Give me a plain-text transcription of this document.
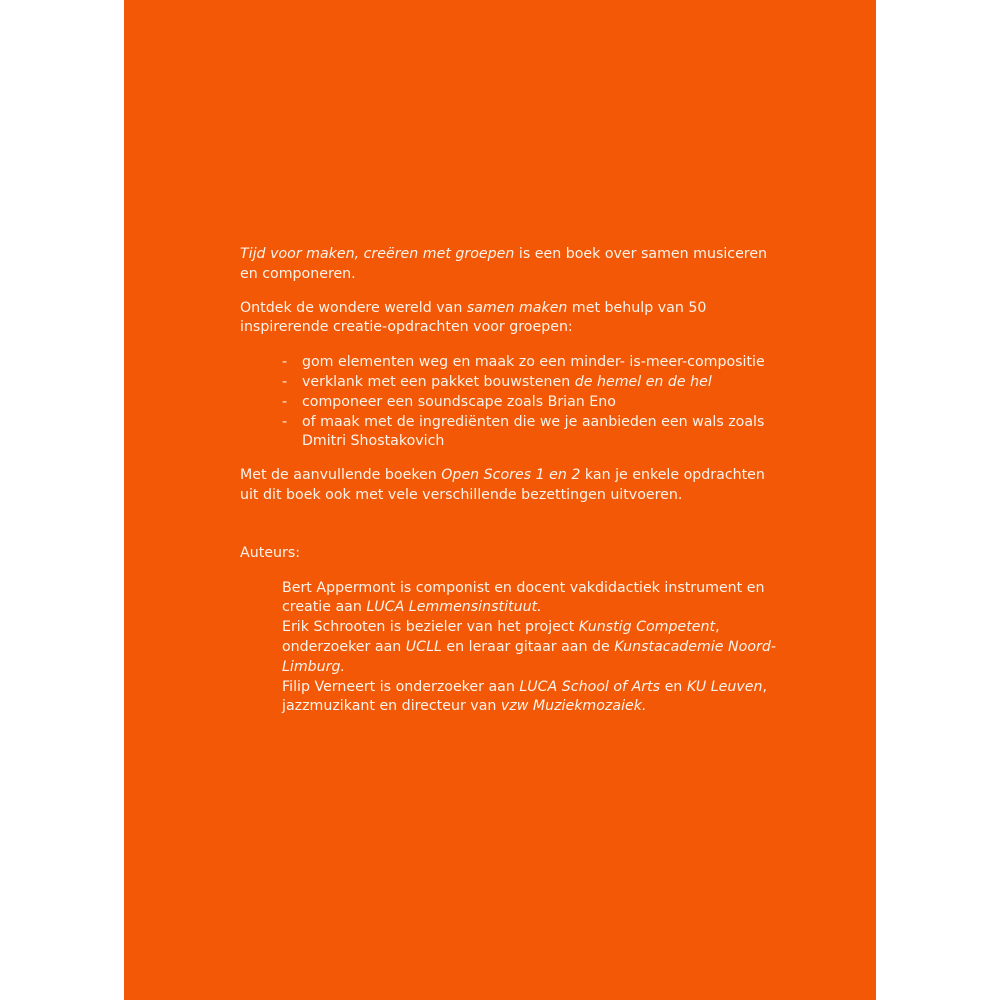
Tijd voor maken, creëren met groepen is een boek over samen musiceren en componeren.

Ontdek de wondere wereld van samen maken met behulp van 50 inspirerende creatie-opdrachten voor groepen:

- gom elementen weg en maak zo een minder- is-meer-compositie
- verklank met een pakket bouwstenen de hemel en de hel
- componeer een soundscape zoals Brian Eno
- of maak met de ingrediënten die we je aanbieden een wals zoals Dmitri Shostakovich

Met de aanvullende boeken Open Scores 1 en 2 kan je enkele opdrachten uit dit boek ook met vele verschillende bezettingen uitvoeren.

Auteurs:

Bert Appermont is componist en docent vakdidactiek instrument en creatie aan LUCA Lemmensinstituut.

Erik Schrooten is bezieler van het project Kunstig Competent, onderzoeker aan UCLL en leraar gitaar aan de Kunstacademie Noord-Limburg.

Filip Verneert is onderzoeker aan LUCA School of Arts en KU Leuven, jazzmuzikant en directeur van vzw Muziekmozaiek.
